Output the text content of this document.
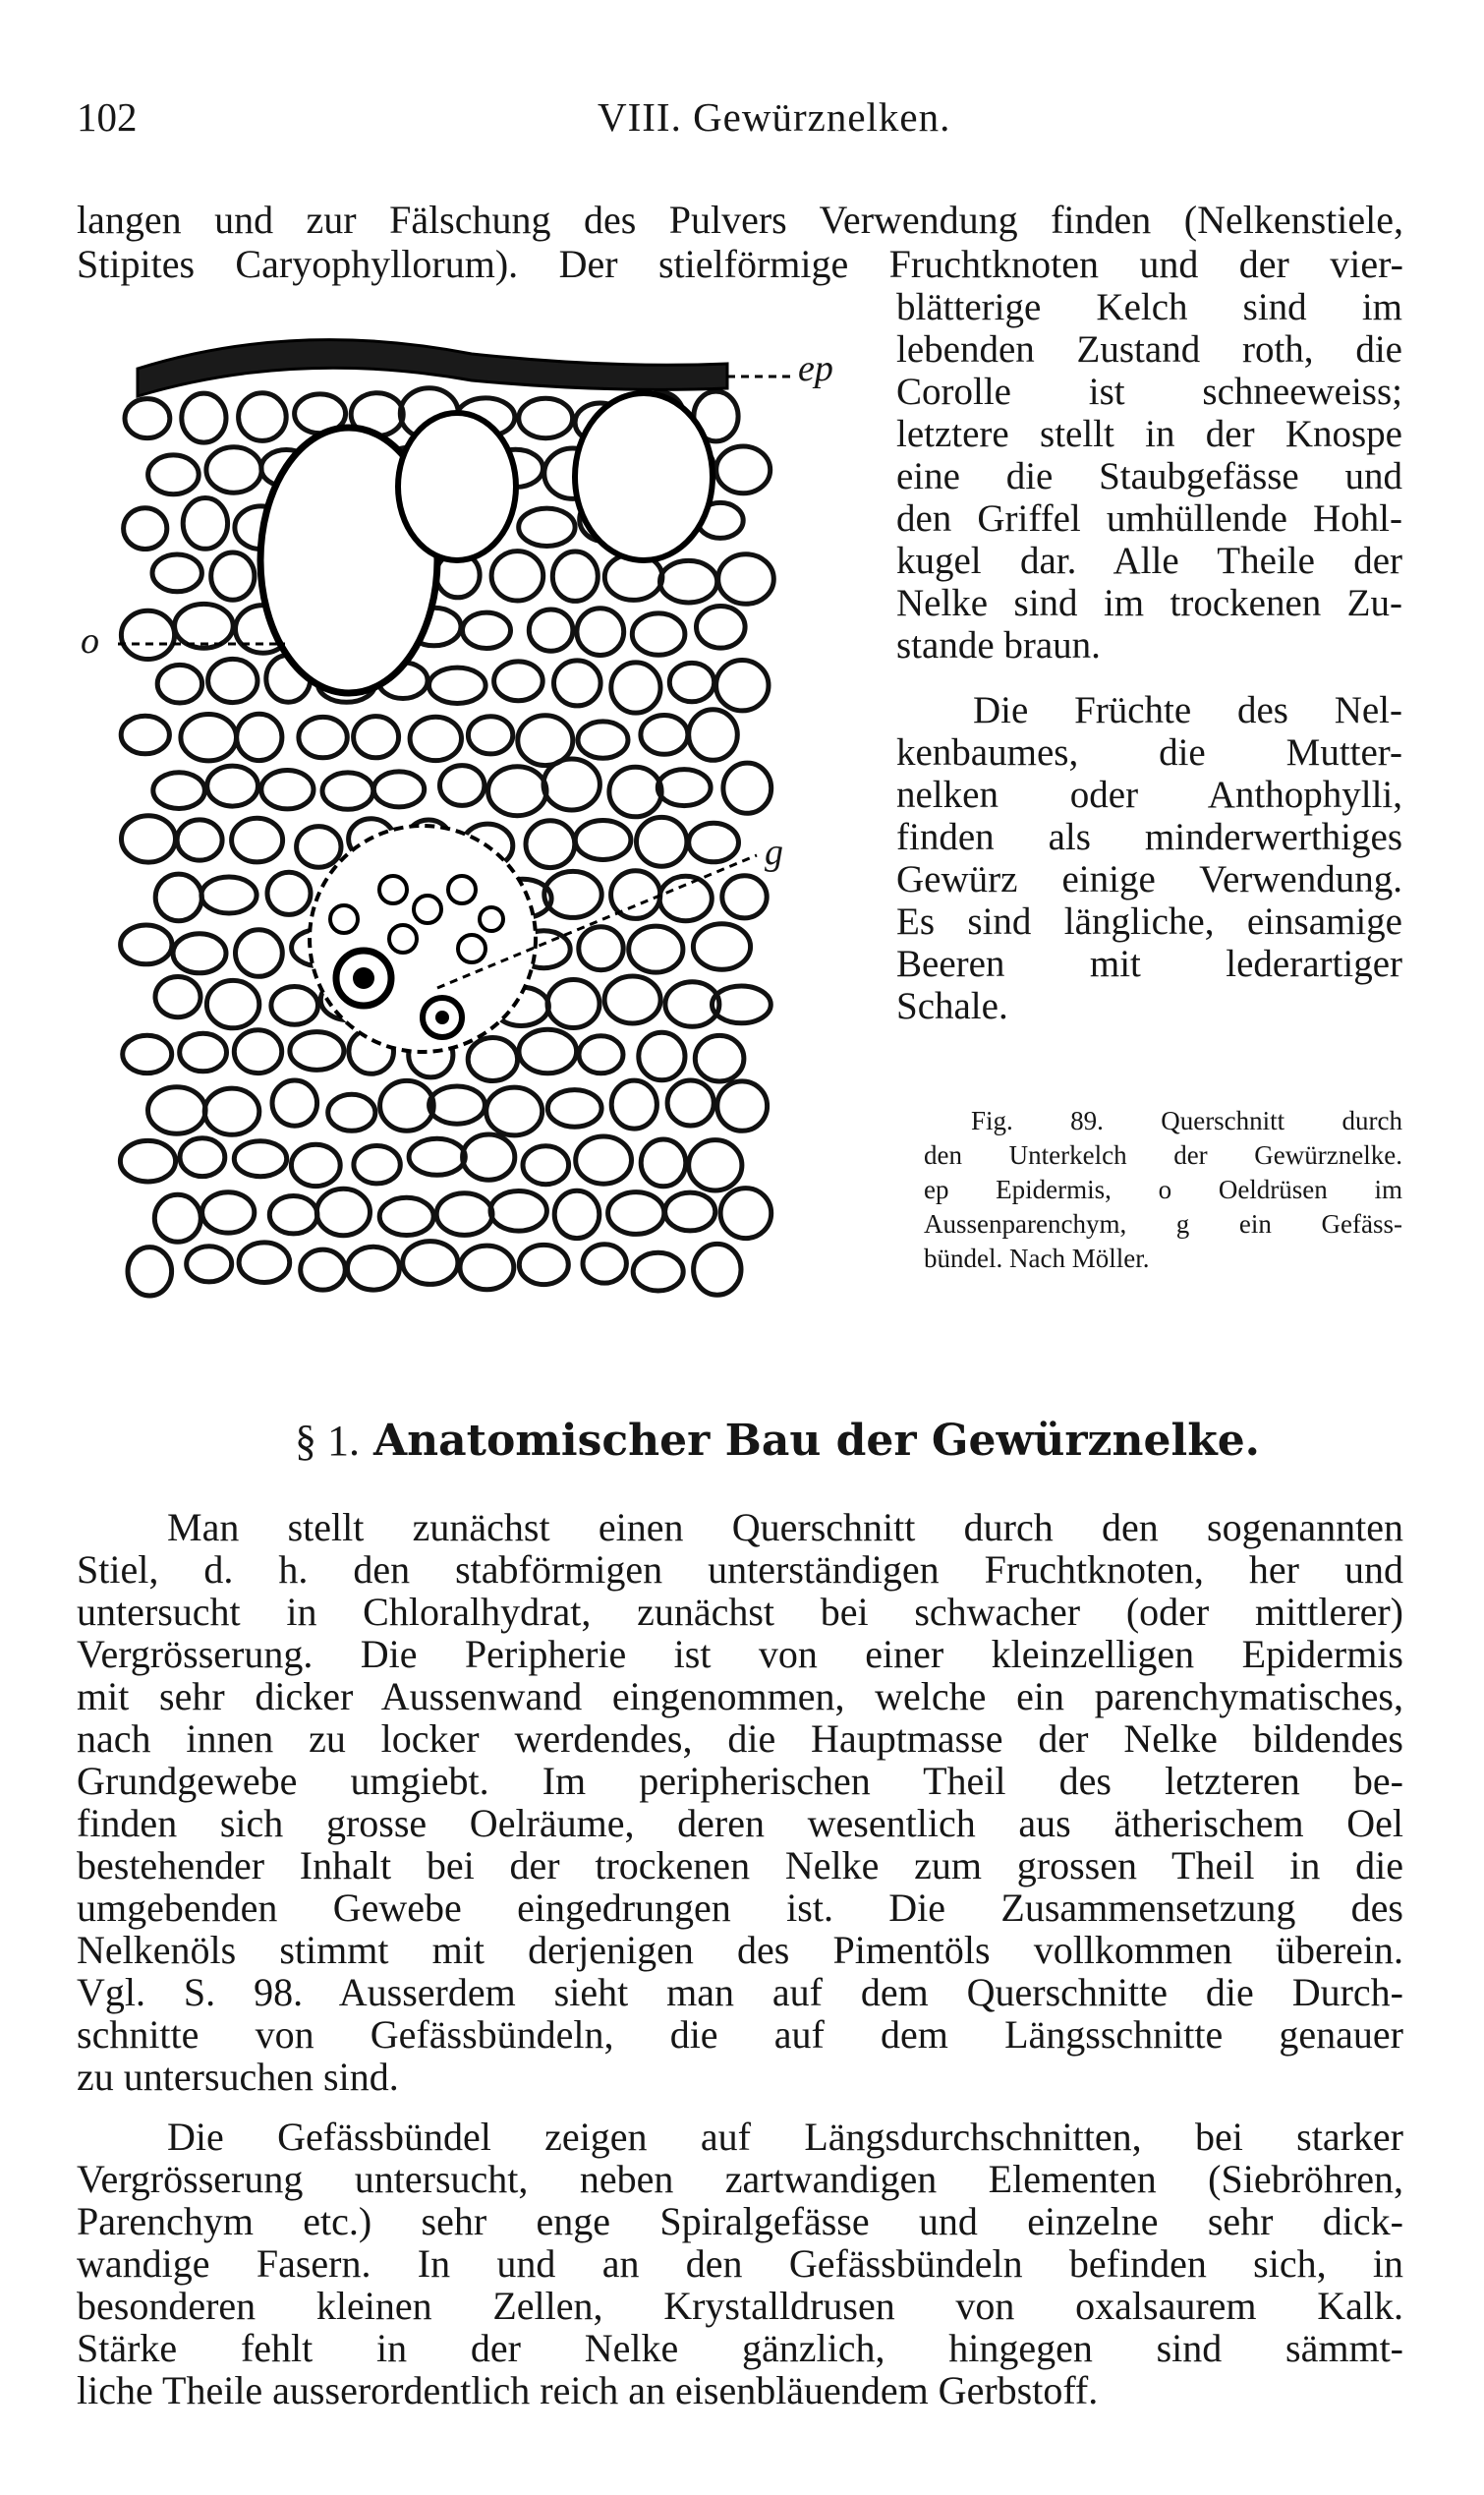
102	VIII. Gewürznelken.
langen und zur Fälschung des Pulvers Verwendung finden (Nelkenstiele,
Stipites Caryophyllorum). Der stielförmige Fruchtknoten und der vier-
blätterige Kelch sind im
lebenden Zustand roth, die
Corolle ist schneeweiss;
letztere stellt in der Knospe
eine die Staubgefässe und
den Griffel umhüllende Hohl-
kugel dar. Alle Theile der
Nelke sind im trockenen Zu-
stande braun.
Die Früchte des Nel-
kenbaumes, die Mutter-
nelken oder Anthophylli,
finden als minderwerthiges
Gewürz einige Verwendung.
Es sind längliche, einsamige
Beeren mit lederartiger
Schale.
ep
o
g
Fig. 89. Querschnitt durch
den Unterkelch der Gewürznelke.
ep Epidermis, o Oeldrüsen im
Aussenparenchym, g ein Gefäss-
bündel. Nach Möller.
§ 1. Anatomischer Bau der Gewürznelke.
Man stellt zunächst einen Querschnitt durch den sogenannten
Stiel, d. h. den stabförmigen unterständigen Fruchtknoten, her und
untersucht in Chloralhydrat, zunächst bei schwacher (oder mittlerer)
Vergrösserung. Die Peripherie ist von einer kleinzelligen Epidermis
mit sehr dicker Aussenwand eingenommen, welche ein parenchymatisches,
nach innen zu locker werdendes, die Hauptmasse der Nelke bildendes
Grundgewebe umgiebt. Im peripherischen Theil des letzteren be-
finden sich grosse Oelräume, deren wesentlich aus ätherischem Oel
bestehender Inhalt bei der trockenen Nelke zum grossen Theil in die
umgebenden Gewebe eingedrungen ist. Die Zusammensetzung des
Nelkenöls stimmt mit derjenigen des Pimentöls vollkommen überein.
Vgl. S. 98. Ausserdem sieht man auf dem Querschnitte die Durch-
schnitte von Gefässbündeln, die auf dem Längsschnitte genauer
zu untersuchen sind.
Die Gefässbündel zeigen auf Längsdurchschnitten, bei starker
Vergrösserung untersucht, neben zartwandigen Elementen (Siebröhren,
Parenchym etc.) sehr enge Spiralgefässe und einzelne sehr dick-
wandige Fasern. In und an den Gefässbündeln befinden sich, in
besonderen kleinen Zellen, Krystalldrusen von oxalsaurem Kalk.
Stärke fehlt in der Nelke gänzlich, hingegen sind sämmt-
liche Theile ausserordentlich reich an eisenbläuendem Gerbstoff.
